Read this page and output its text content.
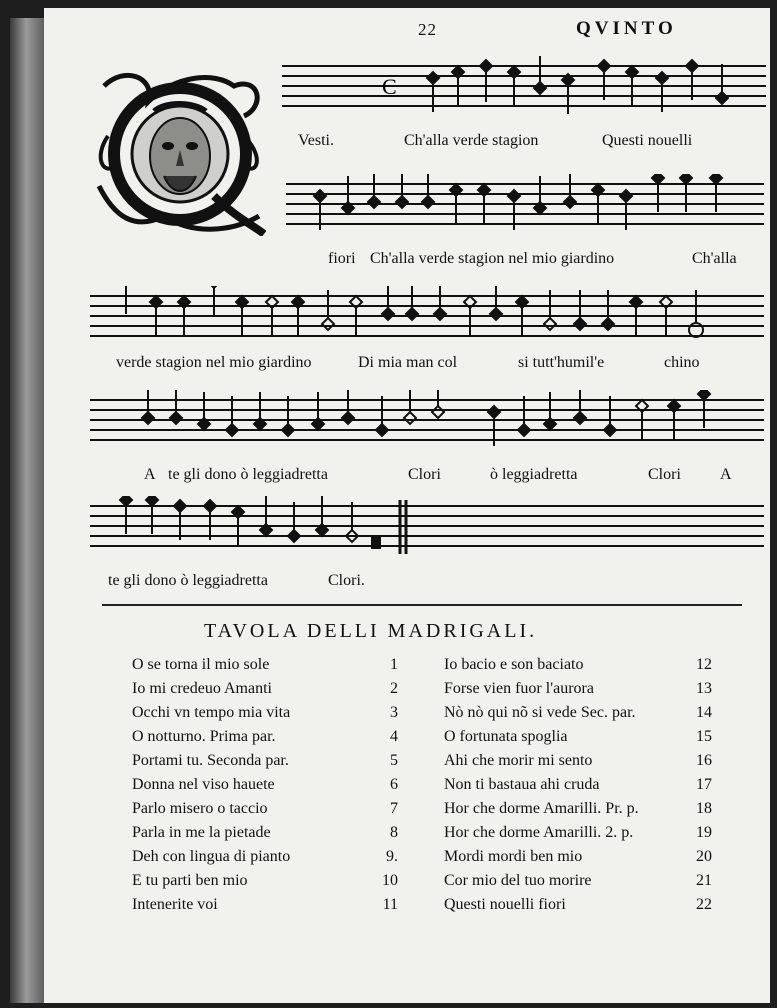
22	QVINTO
C
Vesti.	Ch'alla verde stagion	Questi nouelli
fiori Ch'alla verde stagion nel mio giardino	Ch'alla
verde stagion nel mio giardino	Di mia man col	si tutt'humil'e	chino
A te gli dono ò leggiadretta	Clori	ò leggiadretta	Clori A
te gli dono ò leggiadretta	Clori.
TAVOLA DELLI MADRIGALI.
O se torna il mio sole	1
Io mi credeuo Amanti	2
Occhi vn tempo mia vita	3
O notturno. Prima par.	4
Portami tu. Seconda par.	5
Donna nel viso hauete	6
Parlo misero o taccio	7
Parla in me la pietade	8
Deh con lingua di pianto	9.
E tu parti ben mio	10
Intenerite voi	11
Io bacio e son baciato	12
Forse vien fuor l'aurora	13
Nò nò qui nõ si vede Sec. par.	14
O fortunata spoglia	15
Ahi che morir mi sento	16
Non ti bastaua ahi cruda	17
Hor che dorme Amarilli. Pr. p.	18
Hor che dorme Amarilli. 2. p.	19
Mordi mordi ben mio	20
Cor mio del tuo morire	21
Questi nouelli fiori	22
